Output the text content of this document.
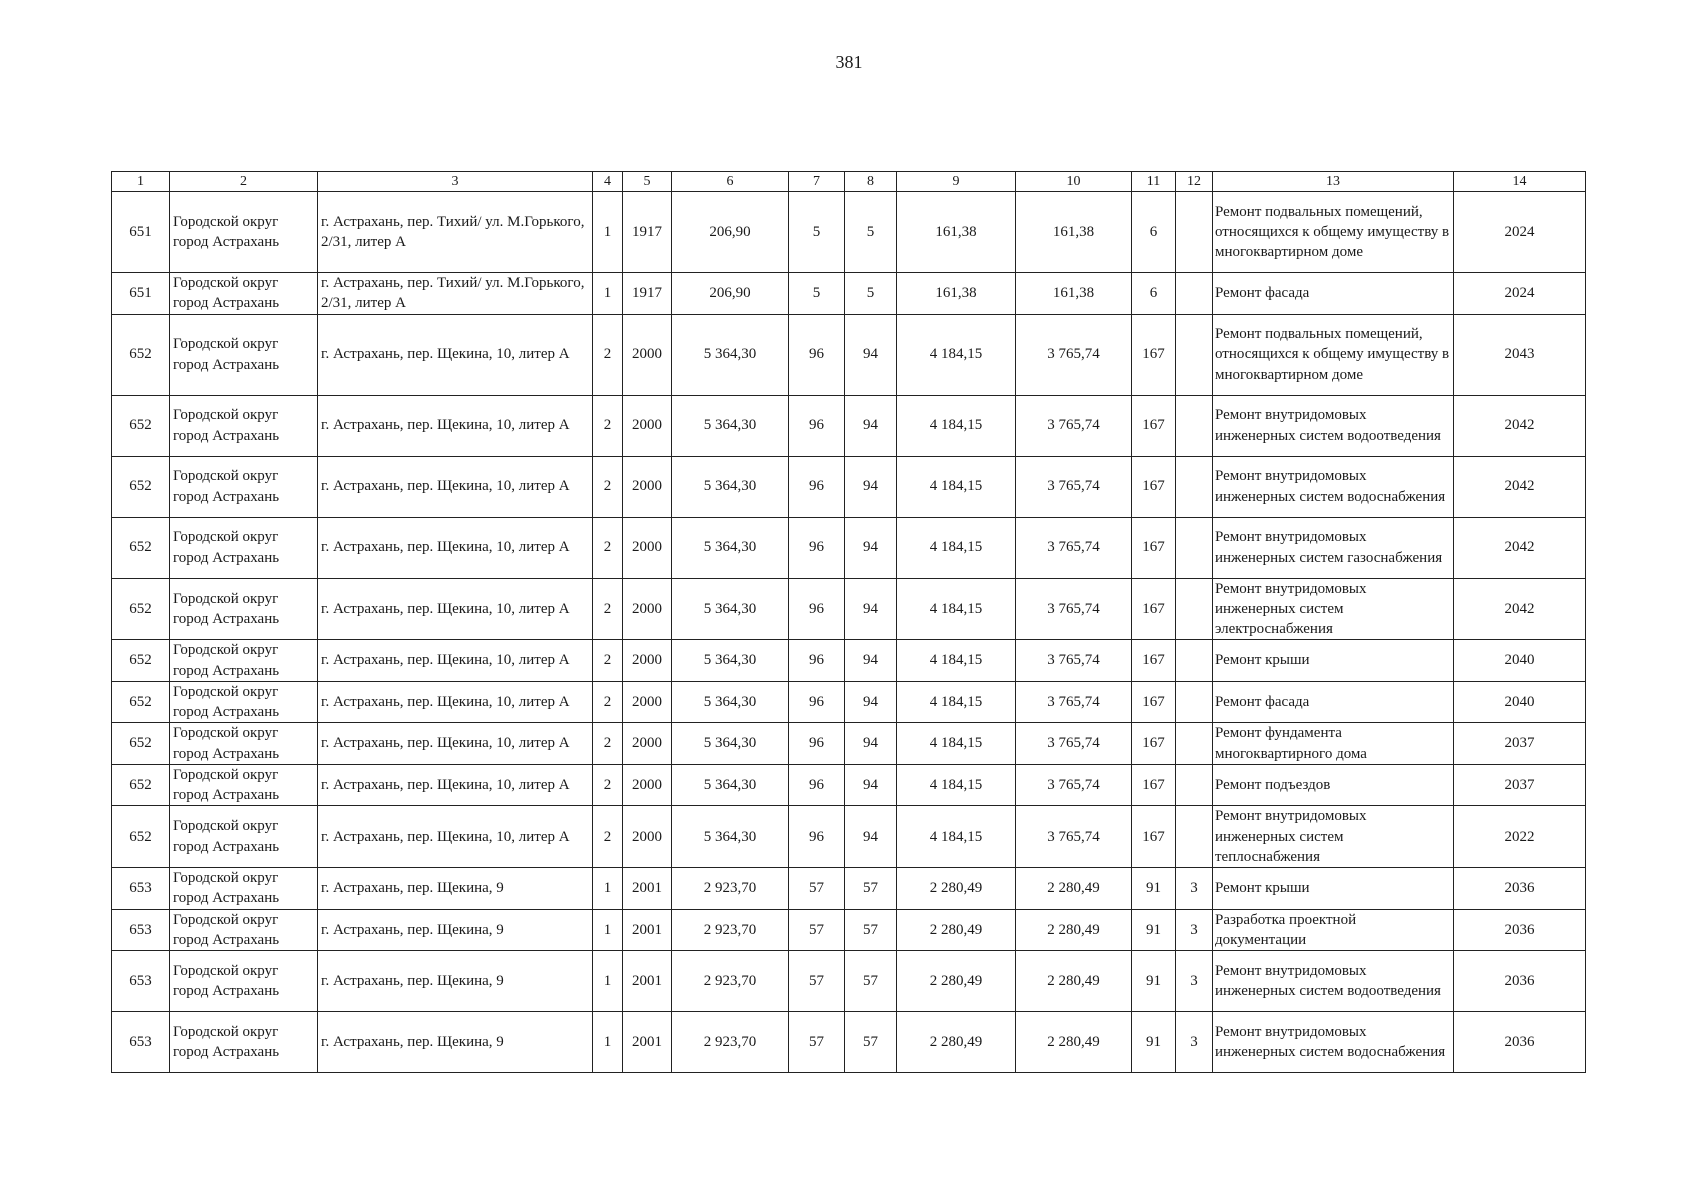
381
1	2	3	4	5	6	7	8	9	10	11	12	13	14
651	Городской округ город Астрахань	г. Астрахань, пер. Тихий/ ул. М.Горького, 2/31, литер А	1	1917	206,90	5	5	161,38	161,38	6		Ремонт подвальных помещений, относящихся к общему имуществу в многоквартирном доме	2024
651	Городской округ город Астрахань	г. Астрахань, пер. Тихий/ ул. М.Горького, 2/31, литер А	1	1917	206,90	5	5	161,38	161,38	6		Ремонт фасада	2024
652	Городской округ город Астрахань	г. Астрахань, пер. Щекина, 10, литер А	2	2000	5 364,30	96	94	4 184,15	3 765,74	167		Ремонт подвальных помещений, относящихся к общему имуществу в многоквартирном доме	2043
652	Городской округ город Астрахань	г. Астрахань, пер. Щекина, 10, литер А	2	2000	5 364,30	96	94	4 184,15	3 765,74	167		Ремонт внутридомовых инженерных систем водоотведения	2042
652	Городской округ город Астрахань	г. Астрахань, пер. Щекина, 10, литер А	2	2000	5 364,30	96	94	4 184,15	3 765,74	167		Ремонт внутридомовых инженерных систем водоснабжения	2042
652	Городской округ город Астрахань	г. Астрахань, пер. Щекина, 10, литер А	2	2000	5 364,30	96	94	4 184,15	3 765,74	167		Ремонт внутридомовых инженерных систем газоснабжения	2042
652	Городской округ город Астрахань	г. Астрахань, пер. Щекина, 10, литер А	2	2000	5 364,30	96	94	4 184,15	3 765,74	167		Ремонт внутридомовых инженерных систем электроснабжения	2042
652	Городской округ город Астрахань	г. Астрахань, пер. Щекина, 10, литер А	2	2000	5 364,30	96	94	4 184,15	3 765,74	167		Ремонт крыши	2040
652	Городской округ город Астрахань	г. Астрахань, пер. Щекина, 10, литер А	2	2000	5 364,30	96	94	4 184,15	3 765,74	167		Ремонт фасада	2040
652	Городской округ город Астрахань	г. Астрахань, пер. Щекина, 10, литер А	2	2000	5 364,30	96	94	4 184,15	3 765,74	167		Ремонт фундамента многоквартирного дома	2037
652	Городской округ город Астрахань	г. Астрахань, пер. Щекина, 10, литер А	2	2000	5 364,30	96	94	4 184,15	3 765,74	167		Ремонт подъездов	2037
652	Городской округ город Астрахань	г. Астрахань, пер. Щекина, 10, литер А	2	2000	5 364,30	96	94	4 184,15	3 765,74	167		Ремонт внутридомовых инженерных систем теплоснабжения	2022
653	Городской округ город Астрахань	г. Астрахань, пер. Щекина, 9	1	2001	2 923,70	57	57	2 280,49	2 280,49	91	3	Ремонт крыши	2036
653	Городской округ город Астрахань	г. Астрахань, пер. Щекина, 9	1	2001	2 923,70	57	57	2 280,49	2 280,49	91	3	Разработка проектной документации	2036
653	Городской округ город Астрахань	г. Астрахань, пер. Щекина, 9	1	2001	2 923,70	57	57	2 280,49	2 280,49	91	3	Ремонт внутридомовых инженерных систем водоотведения	2036
653	Городской округ город Астрахань	г. Астрахань, пер. Щекина, 9	1	2001	2 923,70	57	57	2 280,49	2 280,49	91	3	Ремонт внутридомовых инженерных систем водоснабжения	2036
